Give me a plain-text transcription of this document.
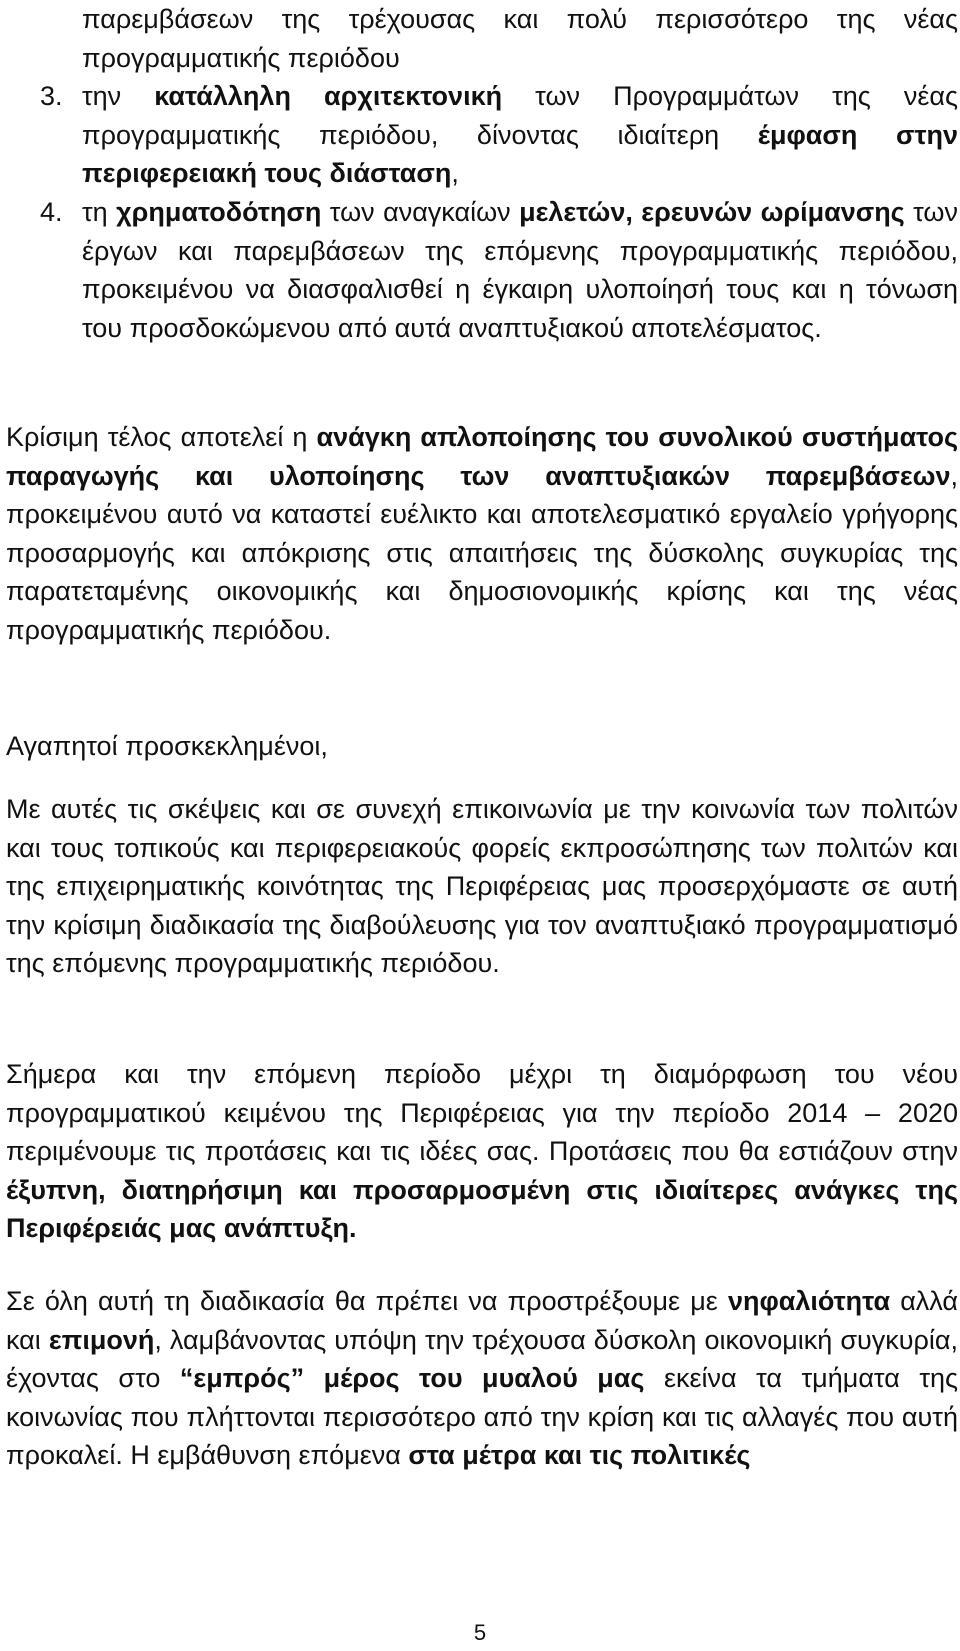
παρεμβάσεων της τρέχουσας και πολύ περισσότερο της νέας προγραμματικής περιόδου

3. την κατάλληλη αρχιτεκτονική των Προγραμμάτων της νέας προγραμματικής περιόδου, δίνοντας ιδιαίτερη έμφαση στην περιφερειακή τους διάσταση,

4. τη χρηματοδότηση των αναγκαίων μελετών, ερευνών ωρίμανσης των έργων και παρεμβάσεων της επόμενης προγραμματικής περιόδου, προκειμένου να διασφαλισθεί η έγκαιρη υλοποίησή τους και η τόνωση του προσδοκώμενου από αυτά αναπτυξιακού αποτελέσματος.

Κρίσιμη τέλος αποτελεί η ανάγκη απλοποίησης του συνολικού συστήματος παραγωγής και υλοποίησης των αναπτυξιακών παρεμβάσεων, προκειμένου αυτό να καταστεί ευέλικτο και αποτελεσματικό εργαλείο γρήγορης προσαρμογής και απόκρισης στις απαιτήσεις της δύσκολης συγκυρίας της παρατεταμένης οικονομικής και δημοσιονομικής κρίσης και της νέας προγραμματικής περιόδου.

Αγαπητοί προσκεκλημένοι,

Με αυτές τις σκέψεις και σε συνεχή επικοινωνία με την κοινωνία των πολιτών και τους τοπικούς και περιφερειακούς φορείς εκπροσώπησης των πολιτών και της επιχειρηματικής κοινότητας της Περιφέρειας μας προσερχόμαστε σε αυτή την κρίσιμη διαδικασία της διαβούλευσης για τον αναπτυξιακό προγραμματισμό της επόμενης προγραμματικής περιόδου.

Σήμερα και την επόμενη περίοδο μέχρι τη διαμόρφωση του νέου προγραμματικού κειμένου της Περιφέρειας για την περίοδο 2014 – 2020 περιμένουμε τις προτάσεις και τις ιδέες σας. Προτάσεις που θα εστιάζουν στην έξυπνη, διατηρήσιμη και προσαρμοσμένη στις ιδιαίτερες ανάγκες της Περιφέρειάς μας ανάπτυξη.

Σε όλη αυτή τη διαδικασία θα πρέπει να προστρέξουμε με νηφαλιότητα αλλά και επιμονή, λαμβάνοντας υπόψη την τρέχουσα δύσκολη οικονομική συγκυρία, έχοντας στο “εμπρός” μέρος του μυαλού μας εκείνα τα τμήματα της κοινωνίας που πλήττονται περισσότερο από την κρίση και τις αλλαγές που αυτή προκαλεί. Η εμβάθυνση επόμενα στα μέτρα και τις πολιτικές

5
